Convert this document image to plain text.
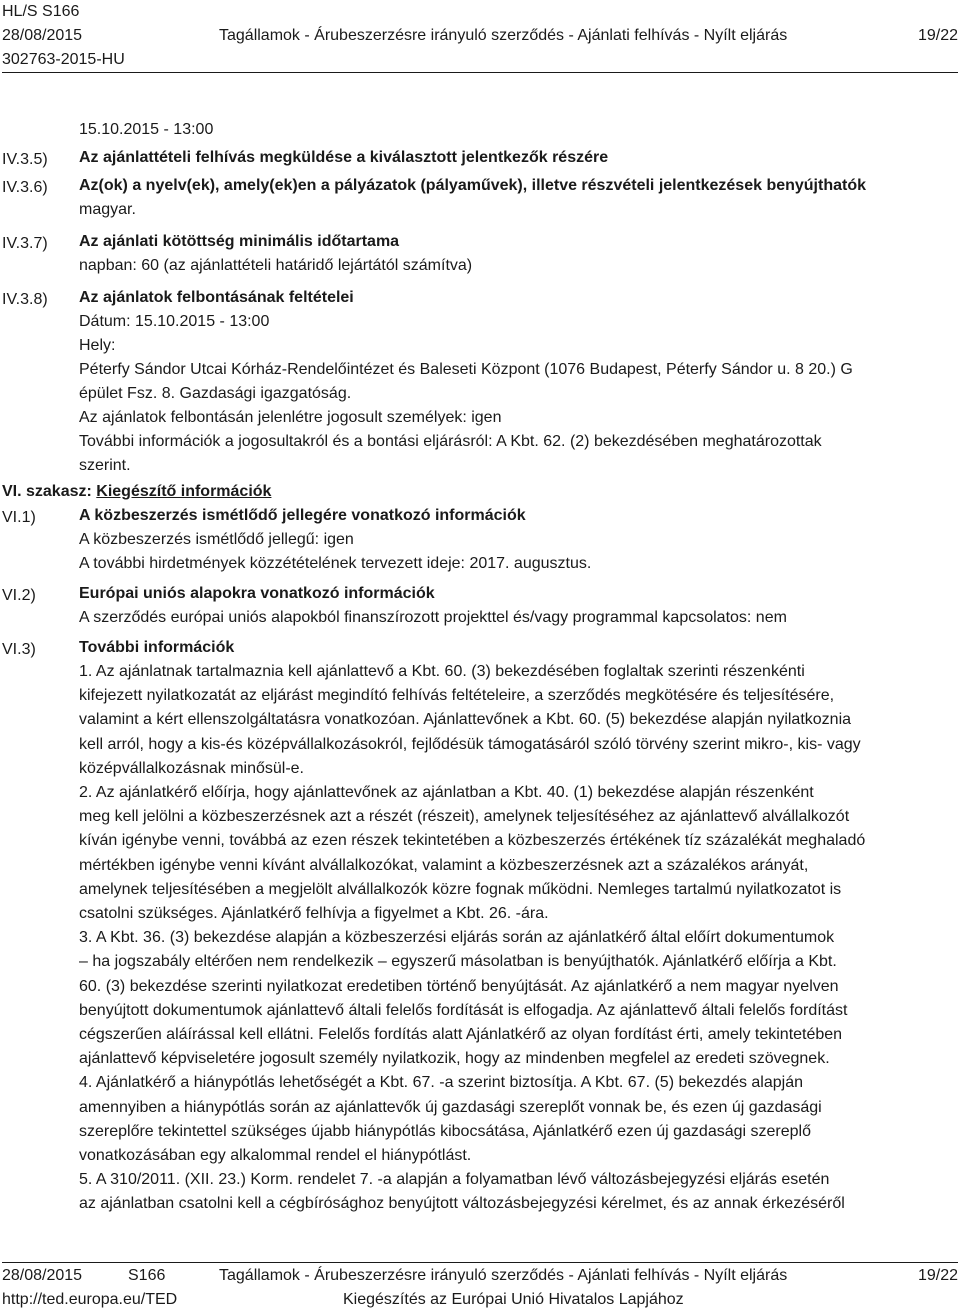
HL/S S166
28/08/2015	Tagállamok - Árubeszerzésre irányuló szerződés - Ajánlati felhívás - Nyílt eljárás	19/22
302763-2015-HU

15.10.2015 - 13:00

IV.3.5) Az ajánlattételi felhívás megküldése a kiválasztott jelentkezők részére

IV.3.6) Az(ok) a nyelv(ek), amely(ek)en a pályázatok (pályaművek), illetve részvételi jelentkezések benyújthatók

magyar.

IV.3.7) Az ajánlati kötöttség minimális időtartama

napban: 60 (az ajánlattételi határidő lejártától számítva)

IV.3.8) Az ajánlatok felbontásának feltételei

Dátum: 15.10.2015 - 13:00

Hely:

Péterfy Sándor Utcai Kórház-Rendelőintézet és Baleseti Központ (1076 Budapest, Péterfy Sándor u. 8 20.) G

épület Fsz. 8. Gazdasági igazgatóság.

Az ajánlatok felbontásán jelenlétre jogosult személyek: igen

További információk a jogosultakról és a bontási eljárásról: A Kbt. 62. (2) bekezdésében meghatározottak

szerint.

VI. szakasz: Kiegészítő információk
VI.1)	A közbeszerzés ismétlődő jellegére vonatkozó információk

A közbeszerzés ismétlődő jellegű: igen

A további hirdetmények közzétételének tervezett ideje: 2017. augusztus.

VI.2)	Európai uniós alapokra vonatkozó információk

A szerződés európai uniós alapokból finanszírozott projekttel és/vagy programmal kapcsolatos: nem

VI.3)	További információk

1. Az ajánlatnak tartalmaznia kell ajánlattevő a Kbt. 60. (3) bekezdésében foglaltak szerinti részenkénti

kifejezett nyilatkozatát az eljárást megindító felhívás feltételeire, a szerződés megkötésére és teljesítésére,

valamint a kért ellenszolgáltatásra vonatkozóan. Ajánlattevőnek a Kbt. 60. (5) bekezdése alapján nyilatkoznia

kell arról, hogy a kis-és középvállalkozásokról, fejlődésük támogatásáról szóló törvény szerint mikro-, kis- vagy

középvállalkozásnak minősül-e.

2. Az ajánlatkérő előírja, hogy ajánlattevőnek az ajánlatban a Kbt. 40. (1) bekezdése alapján részenként

meg kell jelölni a közbeszerzésnek azt a részét (részeit), amelynek teljesítéséhez az ajánlattevő alvállalkozót

kíván igénybe venni, továbbá az ezen részek tekintetében a közbeszerzés értékének tíz százalékát meghaladó

mértékben igénybe venni kívánt alvállalkozókat, valamint a közbeszerzésnek azt a százalékos arányát,

amelynek teljesítésében a megjelölt alvállalkozók közre fognak működni. Nemleges tartalmú nyilatkozatot is

csatolni szükséges. Ajánlatkérő felhívja a figyelmet a Kbt. 26. -ára.

3. A Kbt. 36. (3) bekezdése alapján a közbeszerzési eljárás során az ajánlatkérő által előírt dokumentumok

– ha jogszabály eltérően nem rendelkezik – egyszerű másolatban is benyújthatók. Ajánlatkérő előírja a Kbt.

60. (3) bekezdése szerinti nyilatkozat eredetiben történő benyújtását. Az ajánlatkérő a nem magyar nyelven

benyújtott dokumentumok ajánlattevő általi felelős fordítását is elfogadja. Az ajánlattevő általi felelős fordítást

cégszerűen aláírással kell ellátni. Felelős fordítás alatt Ajánlatkérő az olyan fordítást érti, amely tekintetében

ajánlattevő képviseletére jogosult személy nyilatkozik, hogy az mindenben megfelel az eredeti szövegnek.

4. Ajánlatkérő a hiánypótlás lehetőségét a Kbt. 67. -a szerint biztosítja. A Kbt. 67. (5) bekezdés alapján

amennyiben a hiánypótlás során az ajánlattevők új gazdasági szereplőt vonnak be, és ezen új gazdasági

szereplőre tekintettel szükséges újabb hiánypótlás kibocsátása, Ajánlatkérő ezen új gazdasági szereplő

vonatkozásában egy alkalommal rendel el hiánypótlást.

5. A 310/2011. (XII. 23.) Korm. rendelet 7. -a alapján a folyamatban lévő változásbejegyzési eljárás esetén

az ajánlatban csatolni kell a cégbírósághoz benyújtott változásbejegyzési kérelmet, és az annak érkezéséről

28/08/2015	S166	Tagállamok - Árubeszerzésre irányuló szerződés - Ajánlati felhívás - Nyílt eljárás	19/22
http://ted.europa.eu/TED	Kiegészítés az Európai Unió Hivatalos Lapjához
